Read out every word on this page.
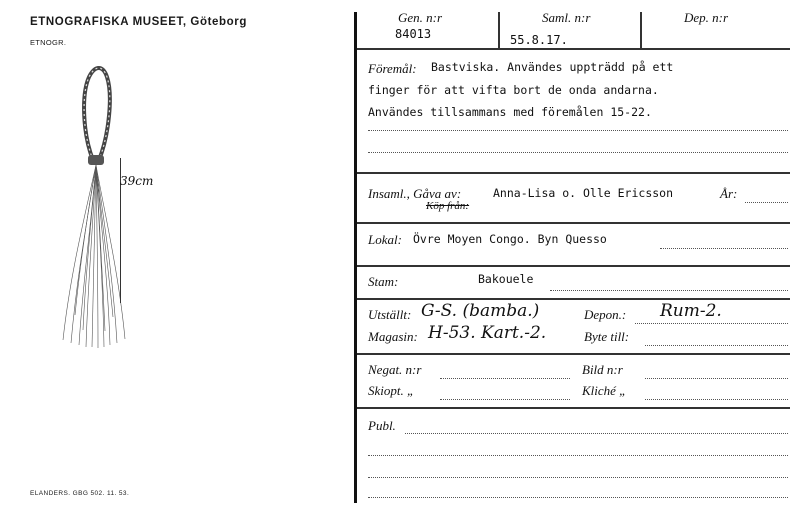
ETNOGRAFISKA MUSEET, Göteborg
ETNOGR.
39cm
ELANDERS. GBG 502. 11. 53.
Gen. n:r
84013
Saml. n:r
55.8.17.
Dep. n:r
Föremål: Bastviska. Användes uppträdd på ett
finger för att vifta bort de onda andarna.
Användes tillsammans med föremålen 15-22.
Insaml., Gåva av:	Anna-Lisa o. Olle Ericsson	År:
Köp från:
Lokal: Övre Moyen Congo. Byn Quesso
Stam:	Bakouele
Utställt: G-S. (bamba.)	Depon.: Rum-2.
Magasin: H-53. Kart.-2.	Byte till:
Negat. n:r	Bild n:r
Skiopt. „	Kliché „
Publ.
